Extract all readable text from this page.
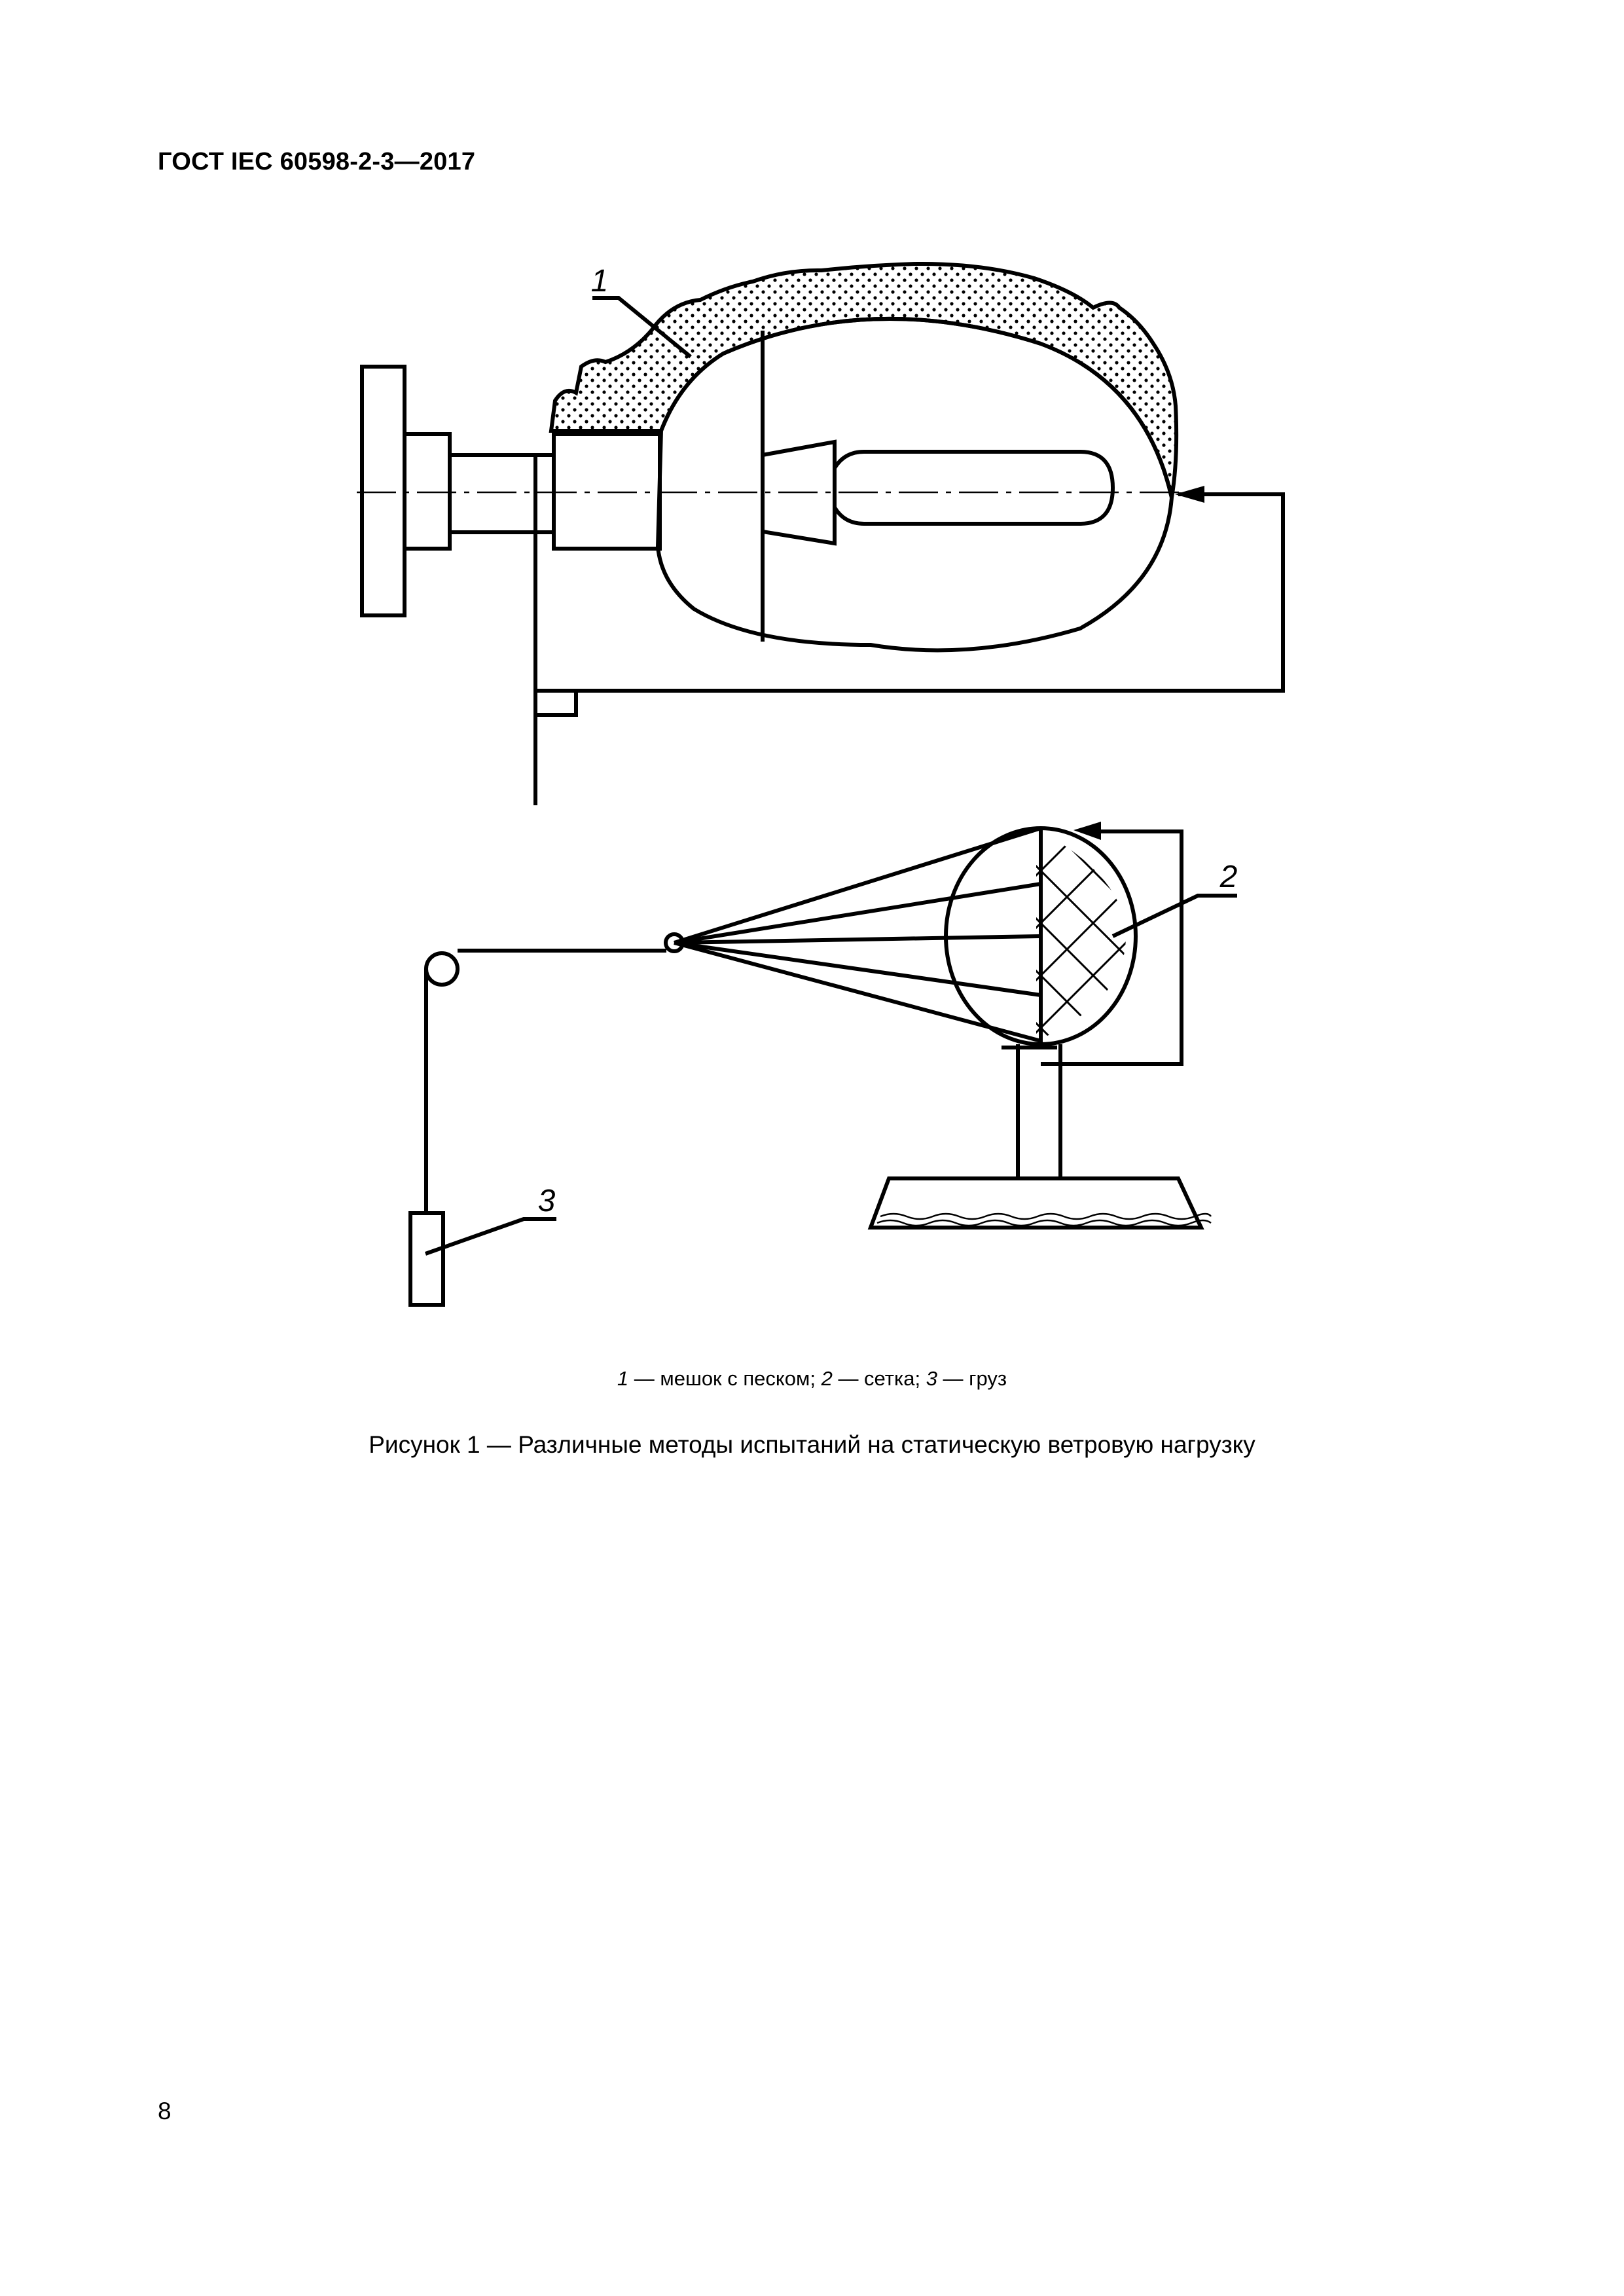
ГОСТ IEC 60598-2-3—2017
1
2
3
1 — мешок с песком; 2 — сетка; 3 — груз
Рисунок 1 — Различные методы испытаний на статическую ветровую нагрузку
8
